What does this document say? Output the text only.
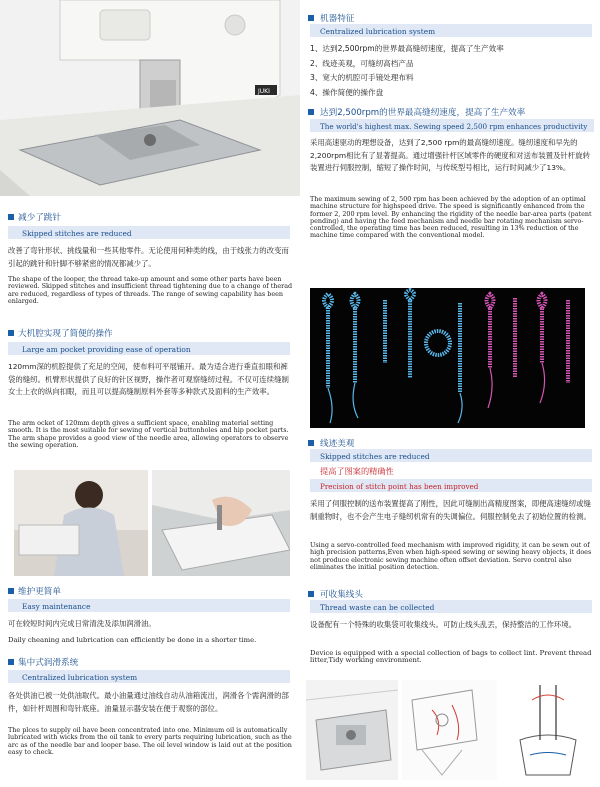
JUKI
减少了跳针
Skipped stitches are reduced
改善了弯针形状、挑线量和一些其他零件。无论使用何种类的线，由于线张力的改变而引起的跳针和针脚不够紧密的情况都减少了。
The shape of the looper, the thread take-up amount and some other parts have been reviewed. Skipped stitches and insufficient thread tightening due to a change of therad are reduced, regardless of types of threads. The range of sewing capability has been enlarged.
大机腔实现了简便的操作
Large am pocket providing ease of operation
120mm深的机腔提供了充足的空间，使布料可平展铺开。最为适合进行垂直扣眼和裤袋的缝纫。机臂形状提供了良好的针区视野，操作者可观察缝纫过程。不仅可连续缝制女士上衣的纵向扣眼，而且可以提高缝制原料外套等多种款式及面料的生产效率。
The arm ocket of 120mm depth gives a sufficient space, enabling material setting smooth. It is the most suitable for sewing of vertical buttonholes and hip pocket parts.
The arm shape provides a good view of the needle area, allowing operators to observe the sewing operation.
维护更简单
Easy maintenance
可在较短时间内完成日常清洗及添加润滑油。
Daily cheaning and lubrication can efficiently be done in a shorter time.
集中式润滑系统
Centralized lubrication system
各处供油已被一处供油取代。最小油量通过油线自动从油箱流出，润滑各个需润滑的部件，如针杆周围和弯针底座。油量显示器安装在便于观察的部位。
The plces to supply oil have been concentrated into one. Minimum oil is automatically lubricated with wicks from the oil tank to every parts requiring lubrication, such as the arc as of the needle bar and looper base. The oil level window is laid out at the position easy to check.
机器特征
Centralized lubrication system
1、达到2,500rpm的世界最高缝纫速度，提高了生产效率
2、线迹美观，可缝纫高档产品
3、宽大的机腔可手镜处理布料
4、操作简便的操作盘
达到2,500rpm的世界最高缝纫速度，提高了生产效率
The world's highest max. Sewing speed 2,500 rpm enhances productivity
采用高速驱动的理想设备，达到了2,500 rpm的最高缝纫速度。缝纫速度和早先的2,200rpm相比有了显著提高。通过增强针杆区域零件的硬度和对送布装置及针杆旋转装置进行伺服控制，缩短了操作时间，与传统型号相比，运行时间减少了13%。
The maximum sewing of 2, 500 rpm has been achieved by the adoption of an optimal machine structure for highspeed drive. The speed is significantly enhanced from the former 2, 200 rpm level. By enhancing the rigidity of the needle bar-area parts (patent pending) and having the feed mechanism and needle bar rotating mechanism servo-controlled, the operating time has been reduced, resulting in 13% reduction of the machine time compared with the conventional model.
线迹美观
Skipped stitches are reduced
提高了图案的精确性
Precision of stitch point has been improved
采用了伺服控制的送布装置提高了刚性，因此可缝制出高精度图案，即便高速缝纫或缝制重物时，也不会产生电子缝纫机常有的失调偏位。伺服控制免去了初始位置的检测。
Using a servo-controlled feed mechanism with improved rigidity, it can be sewn out of high precision patterns,Even when high-speed sewing or sewing heavy objects, it does not produce electronic sewing machine often offset deviation. Servo control also eliminates the initial position detection.
可收集线头
Thread waste can be collected
设备配有一个特殊的收集袋可收集线头。可防止线头乱丢，保持整洁的工作环境。
Device is equipped with a special collection of bags to collect lint. Prevent thread litter,Tidy working environment.
